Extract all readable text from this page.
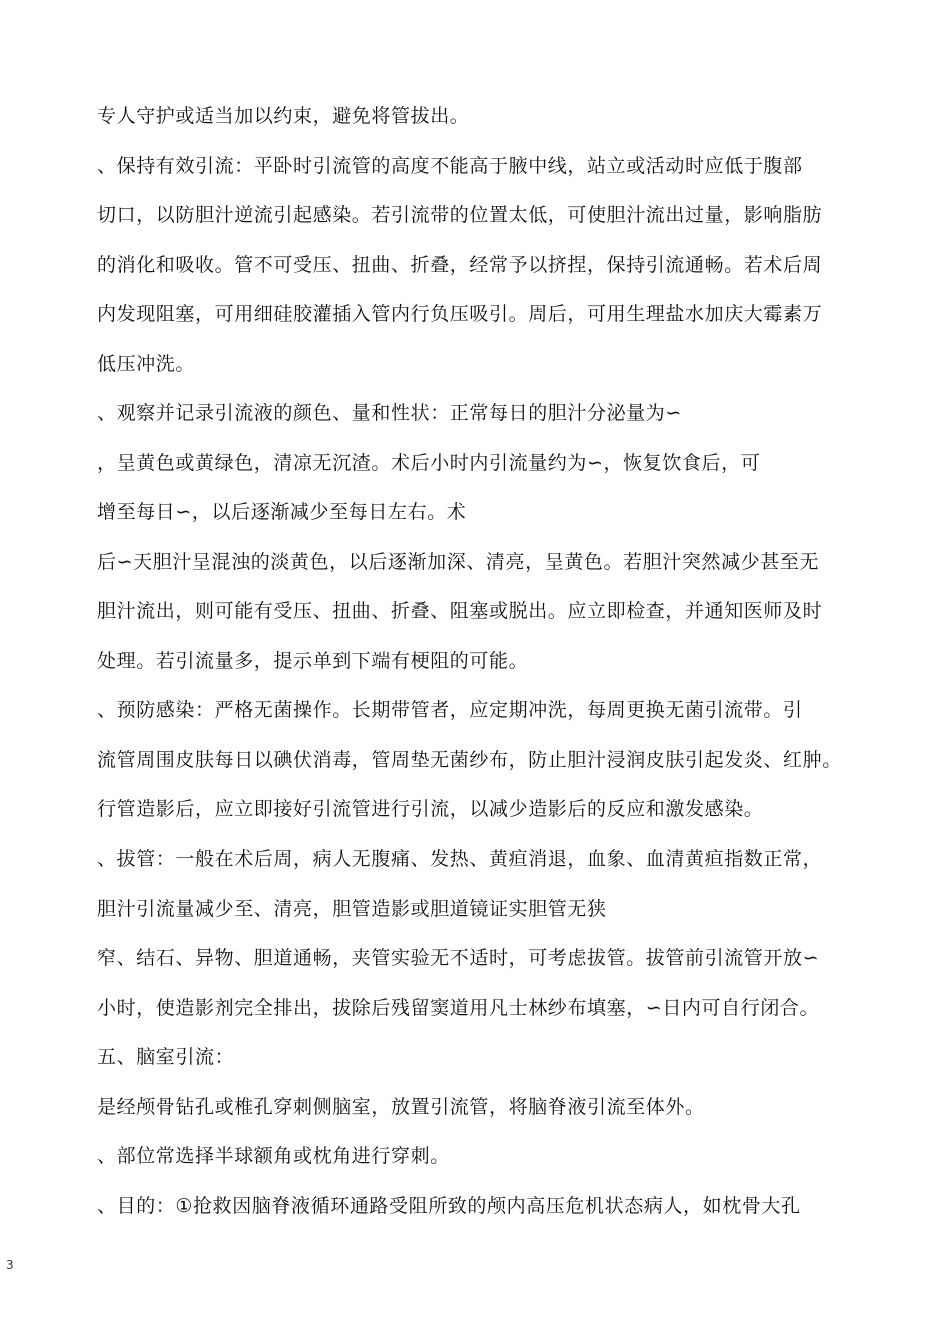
专人守护或适当加以约束，避免将管拔出。
、保持有效引流：平卧时引流管的高度不能高于腋中线，站立或活动时应低于腹部
切口，以防胆汁逆流引起感染。若引流带的位置太低，可使胆汁流出过量，影响脂肪
的消化和吸收。管不可受压、扭曲、折叠，经常予以挤捏，保持引流通畅。若术后周
内发现阻塞，可用细硅胶灌插入管内行负压吸引。周后，可用生理盐水加庆大霉素万
低压冲洗。
、观察并记录引流液的颜色、量和性状：正常每日的胆汁分泌量为∽
，呈黄色或黄绿色，清凉无沉渣。术后小时内引流量约为∽，恢复饮食后，可
增至每日∽，以后逐渐减少至每日左右。术
后∽天胆汁呈混浊的淡黄色，以后逐渐加深、清亮，呈黄色。若胆汁突然减少甚至无
胆汁流出，则可能有受压、扭曲、折叠、阻塞或脱出。应立即检查，并通知医师及时
处理。若引流量多，提示单到下端有梗阻的可能。
、预防感染：严格无菌操作。长期带管者，应定期冲洗，每周更换无菌引流带。引
流管周围皮肤每日以碘伏消毒，管周垫无菌纱布，防止胆汁浸润皮肤引起发炎、红肿。
行管造影后，应立即接好引流管进行引流，以减少造影后的反应和激发感染。
、拔管：一般在术后周，病人无腹痛、发热、黄疸消退，血象、血清黄疸指数正常，
胆汁引流量减少至、清亮，胆管造影或胆道镜证实胆管无狭
窄、结石、异物、胆道通畅，夹管实验无不适时，可考虑拔管。拔管前引流管开放∽
小时，使造影剂完全排出，拔除后残留窦道用凡士林纱布填塞，∽日内可自行闭合。
五、脑室引流：
是经颅骨钻孔或椎孔穿刺侧脑室，放置引流管，将脑脊液引流至体外。
、部位常选择半球额角或枕角进行穿刺。
、目的：①抢救因脑脊液循环通路受阻所致的颅内高压危机状态病人，如枕骨大孔
3
